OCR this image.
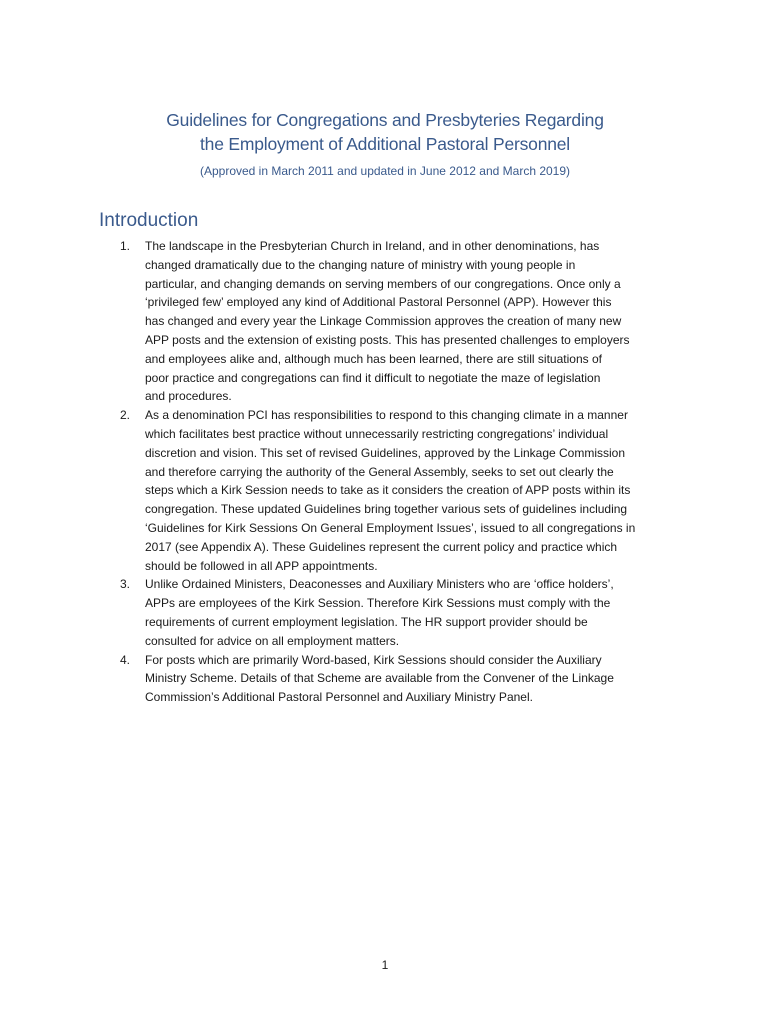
Guidelines for Congregations and Presbyteries Regarding
the Employment of Additional Pastoral Personnel
(Approved in March 2011 and updated in June 2012 and March 2019)
Introduction
1. The landscape in the Presbyterian Church in Ireland, and in other denominations, has
changed dramatically due to the changing nature of ministry with young people in
particular, and changing demands on serving members of our congregations. Once only a
‘privileged few’ employed any kind of Additional Pastoral Personnel (APP). However this
has changed and every year the Linkage Commission approves the creation of many new
APP posts and the extension of existing posts. This has presented challenges to employers
and employees alike and, although much has been learned, there are still situations of
poor practice and congregations can find it difficult to negotiate the maze of legislation
and procedures.
2. As a denomination PCI has responsibilities to respond to this changing climate in a manner
which facilitates best practice without unnecessarily restricting congregations’ individual
discretion and vision. This set of revised Guidelines, approved by the Linkage Commission
and therefore carrying the authority of the General Assembly, seeks to set out clearly the
steps which a Kirk Session needs to take as it considers the creation of APP posts within its
congregation. These updated Guidelines bring together various sets of guidelines including
‘Guidelines for Kirk Sessions On General Employment Issues’, issued to all congregations in
2017 (see Appendix A). These Guidelines represent the current policy and practice which
should be followed in all APP appointments.
3. Unlike Ordained Ministers, Deaconesses and Auxiliary Ministers who are ‘office holders’,
APPs are employees of the Kirk Session. Therefore Kirk Sessions must comply with the
requirements of current employment legislation. The HR support provider should be
consulted for advice on all employment matters.
4. For posts which are primarily Word-based, Kirk Sessions should consider the Auxiliary
Ministry Scheme. Details of that Scheme are available from the Convener of the Linkage
Commission’s Additional Pastoral Personnel and Auxiliary Ministry Panel.
1
